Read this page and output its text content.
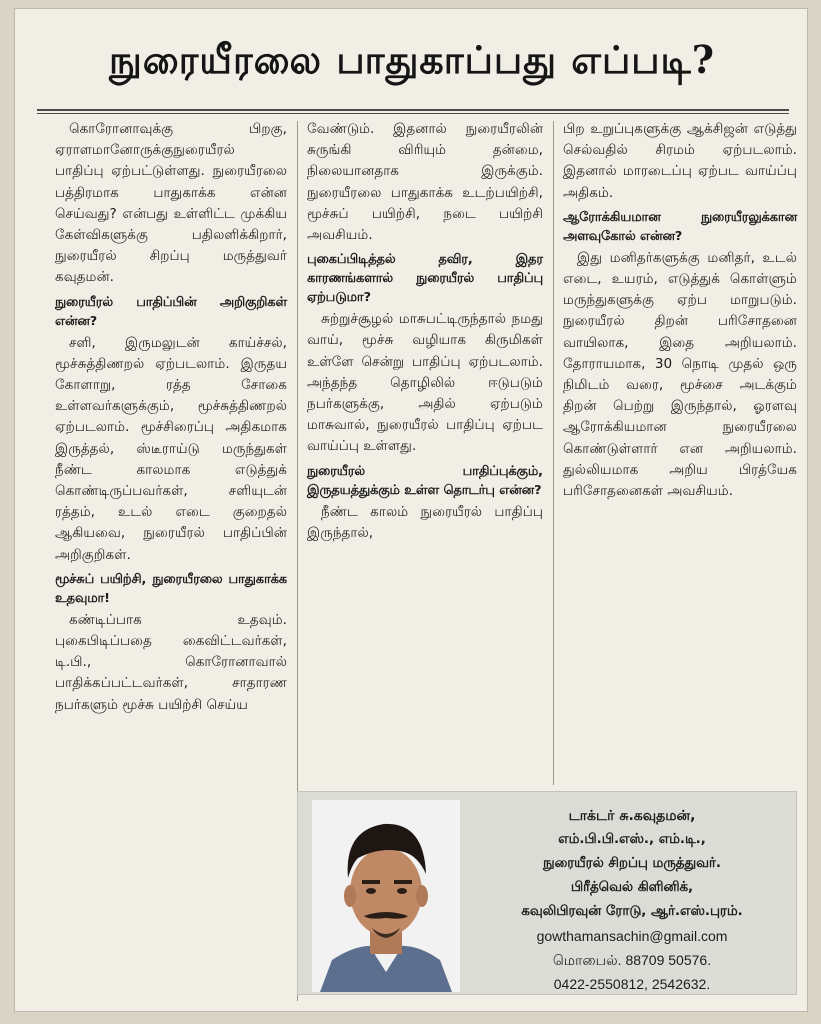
நுரையீரலை பாதுகாப்பது எப்படி?

கொரோனாவுக்கு பிறகு, ஏராளமானோருக்குநுரையீரல் பாதிப்பு ஏற்பட்டுள்ளது. நுரையீரலை பத்திரமாக பாதுகாக்க என்ன செய்வது? என்பது உள்ளிட்ட முக்கிய கேள்விகளுக்கு பதிலளிக்கிறார், நுரையீரல் சிறப்பு மருத்துவர் கவுதமன்.

நுரையீரல் பாதிப்பின் அறிகுறிகள் என்ன?

சளி, இருமலுடன் காய்ச்சல், மூச்சுத்திணறல் ஏற்படலாம். இருதய கோளாறு, ரத்த சோகை உள்ளவர்களுக்கும், மூச்சுத்திணறல் ஏற்படலாம். மூச்சிரைப்பு அதிகமாக இருத்தல், ஸ்டீராய்டு மருந்துகள் நீண்ட காலமாக எடுத்துக் கொண்டிருப்பவர்கள், சளியுடன் ரத்தம், உடல் எடை குறைதல் ஆகியவை, நுரையீரல் பாதிப்பின் அறிகுறிகள்.

மூச்சுப் பயிற்சி, நுரையீரலை பாதுகாக்க உதவுமா!

கண்டிப்பாக உதவும். புகைபிடிப்பதை கைவிட்டவர்கள், டி.பி., கொரோனாவால் பாதிக்கப்பட்டவர்கள், சாதாரண நபர்களும் மூச்சு பயிற்சி செய்ய

வேண்டும். இதனால் நுரையீரலின் சுருங்கி விரியும் தன்மை, நிலையானதாக இருக்கும். நுரையீரலை பாதுகாக்க உடற்பயிற்சி, மூச்சுப் பயிற்சி, நடை பயிற்சி அவசியம்.

புகைப்பிடித்தல் தவிர, இதர காரணங்களால் நுரையீரல் பாதிப்பு ஏற்படுமா?

சுற்றுச்சூழல் மாசுபட்டிருந்தால் நமது வாய், மூச்சு வழியாக கிருமிகள் உள்ளே சென்று பாதிப்பு ஏற்படலாம். அந்தந்த தொழிலில் ஈடுபடும் நபர்களுக்கு, அதில் ஏற்படும் மாசுவால், நுரையீரல் பாதிப்பு ஏற்பட வாய்ப்பு உள்ளது.

நுரையீரல் பாதிப்புக்கும், இருதயத்துக்கும் உள்ள தொடர்பு என்ன?

நீண்ட காலம் நுரையீரல் பாதிப்பு இருந்தால்,

பிற உறுப்புகளுக்கு ஆக்சிஜன் எடுத்து செல்வதில் சிரமம் ஏற்படலாம். இதனால் மாரடைப்பு ஏற்பட வாய்ப்பு அதிகம்.

ஆரோக்கியமான நுரையீரலுக்கான அளவுகோல் என்ன?

இது மனிதர்களுக்கு மனிதர், உடல் எடை, உயரம், எடுத்துக் கொள்ளும் மருந்துகளுக்கு ஏற்ப மாறுபடும். நுரையீரல் திறன் பரிசோதனை வாயிலாக, இதை அறியலாம். தோராயமாக, 30 நொடி முதல் ஒரு நிமிடம் வரை, மூச்சை அடக்கும் திறன் பெற்று இருந்தால், ஓரளவு ஆரோக்கியமான நுரையீரலை கொண்டுள்ளார் என அறியலாம். துல்லியமாக அறிய பிரத்யேக பரிசோதனைகள் அவசியம்.

டாக்டர் சு.கவுதமன்,
எம்.பி.பி.எஸ்., எம்.டி.,
நுரையீரல் சிறப்பு மருத்துவர்.
பிரீத்வெல் கிளினிக்,
கவுலிபிரவுன் ரோடு, ஆர்.எஸ்.புரம்.
gowthamansachin@gmail.com
மொபைல். 88709 50576.
0422-2550812, 2542632.
